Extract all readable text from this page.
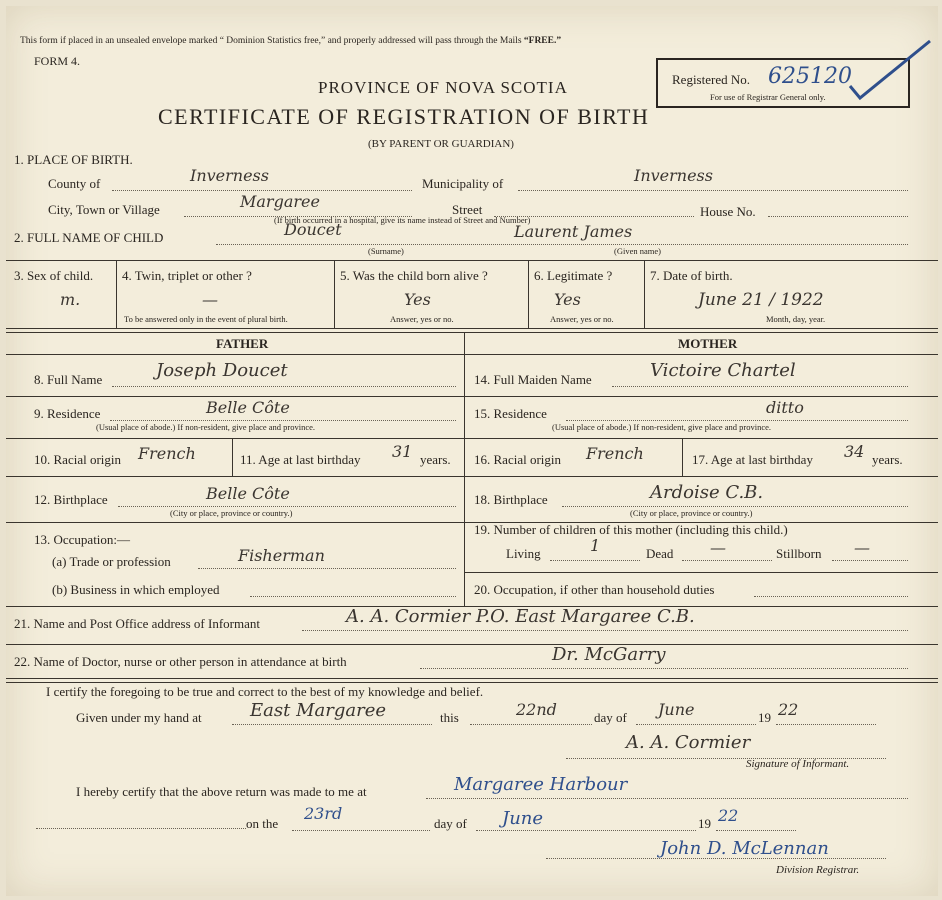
This form if placed in an unsealed envelope marked “ Dominion Statistics free,” and properly addressed will pass through the Mails “FREE.”
FORM 4.
PROVINCE OF NOVA SCOTIA
CERTIFICATE OF REGISTRATION OF BIRTH
(BY PARENT OR GUARDIAN)
Registered No. 625120
For use of Registrar General only.
1. PLACE OF BIRTH.
County of	Inverness	Municipality of	Inverness
City, Town or Village	Margaree	Street	House No.
(If birth occurred in a hospital, give its name instead of Street and Number)
2. FULL NAME OF CHILD	Doucet	Laurent James
(Surname)	(Given name)
3. Sex of child.
m.
4. Twin, triplet or other ?
—
To be answered only in the event of plural birth.
5. Was the child born alive ?
Yes
Answer, yes or no.
6. Legitimate ?
Yes
Answer, yes or no.
7. Date of birth.
June 21 / 1922
Month, day, year.
FATHER	MOTHER
8. Full Name	Joseph Doucet
9. Residence	Belle Côte
(Usual place of abode.) If non-resident, give place and province.
10. Racial origin French	11. Age at last birthday 31 years.
12. Birthplace	Belle Côte
(City or place, province or country.)
13. Occupation:—
(a) Trade or profession	Fisherman
(b) Business in which employed
14. Full Maiden Name	Victoire Chartel
15. Residence	ditto
(Usual place of abode.) If non-resident, give place and province.
16. Racial origin French	17. Age at last birthday 34 years.
18. Birthplace	Ardoise C.B.
(City or place, province or country.)
19. Number of children of this mother (including this child.)
Living	1	Dead —	Stillborn —
20. Occupation, if other than household duties
21. Name and Post Office address of Informant	A. A. Cormier P.O. East Margaree C.B.
22. Name of Doctor, nurse or other person in attendance at birth	Dr. McGarry
I certify the foregoing to be true and correct to the best of my knowledge and belief.
Given under my hand at	East Margaree	this	22nd	day of June	19 22
A. A. Cormier
Signature of Informant.
I hereby certify that the above return was made to me at	Margaree Harbour
on the
23rd
day of June	19 22
John D. McLennan
Division Registrar.
